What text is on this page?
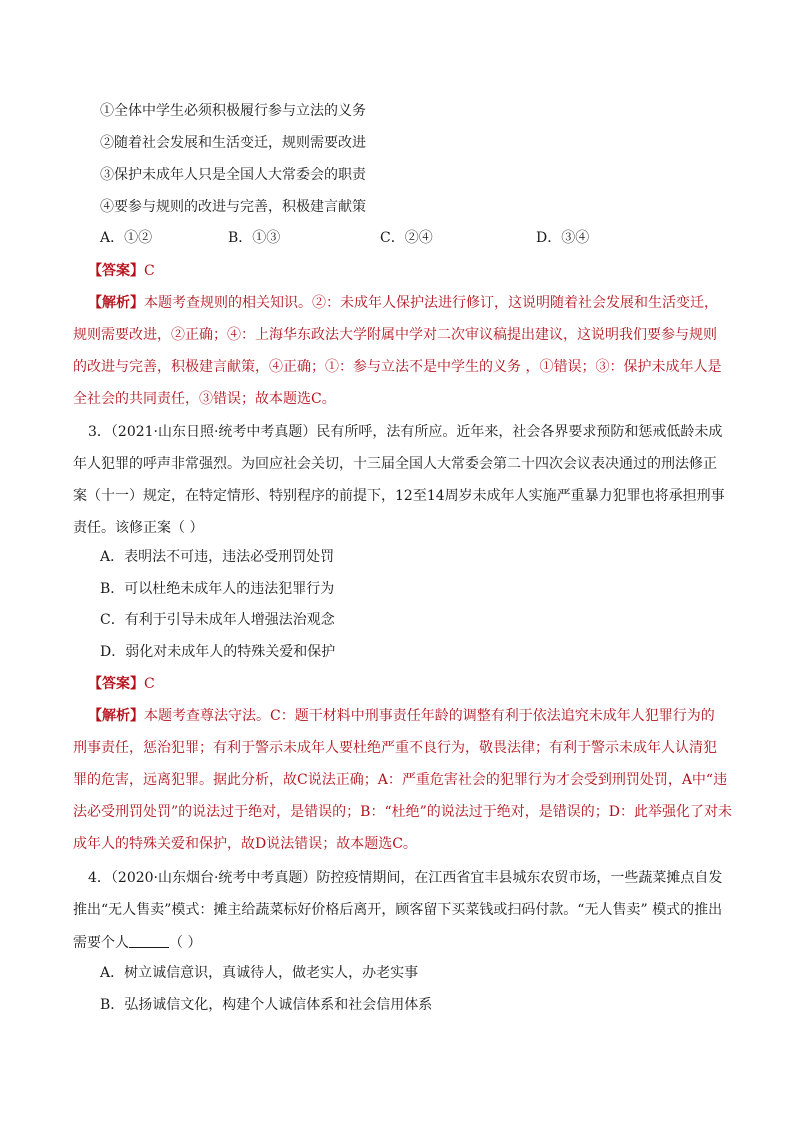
①全体中学生必须积极履行参与立法的义务
②随着社会发展和生活变迁，规则需要改进
③保护未成年人只是全国人大常委会的职责
④要参与规则的改进与完善，积极建言献策
A．①②	B．①③	C．②④	D．③④
【答案】C
【解析】本题考查规则的相关知识。②：未成年人保护法进行修订，这说明随着社会发展和生活变迁，
规则需要改进，②正确；④：上海华东政法大学附属中学对二次审议稿提出建议，这说明我们要参与规则
的改进与完善，积极建言献策，④正确；①：参与立法不是中学生的义务 ，①错误；③：保护未成年人是
全社会的共同责任，③错误；故本题选C。
3．（2021·山东日照·统考中考真题）民有所呼，法有所应。近年来，社会各界要求预防和惩戒低龄未成
年人犯罪的呼声非常强烈。为回应社会关切，十三届全国人大常委会第二十四次会议表决通过的刑法修正
案（十一）规定，在特定情形、特别程序的前提下，12至14周岁未成年人实施严重暴力犯罪也将承担刑事
责任。该修正案（ ）
A．表明法不可违，违法必受刑罚处罚
B．可以杜绝未成年人的违法犯罪行为
C．有利于引导未成年人增强法治观念
D．弱化对未成年人的特殊关爱和保护
【答案】C
【解析】本题考查尊法守法。C：题干材料中刑事责任年龄的调整有利于依法追究未成年人犯罪行为的
刑事责任，惩治犯罪；有利于警示未成年人要杜绝严重不良行为，敬畏法律；有利于警示未成年人认清犯
罪的危害，远离犯罪。据此分析，故C说法正确；A：严重危害社会的犯罪行为才会受到刑罚处罚，A中“违
法必受刑罚处罚”的说法过于绝对，是错误的；B：“杜绝”的说法过于绝对，是错误的；D：此举强化了对未
成年人的特殊关爱和保护，故D说法错误；故本题选C。
4．（2020·山东烟台·统考中考真题）防控疫情期间，在江西省宜丰县城东农贸市场，一些蔬菜摊点自发
推出“无人售卖”模式：摊主给蔬菜标好价格后离开，顾客留下买菜钱或扫码付款。“无人售卖” 模式的推出
需要个人	（ ）
A．树立诚信意识，真诚待人，做老实人，办老实事
B．弘扬诚信文化，构建个人诚信体系和社会信用体系
